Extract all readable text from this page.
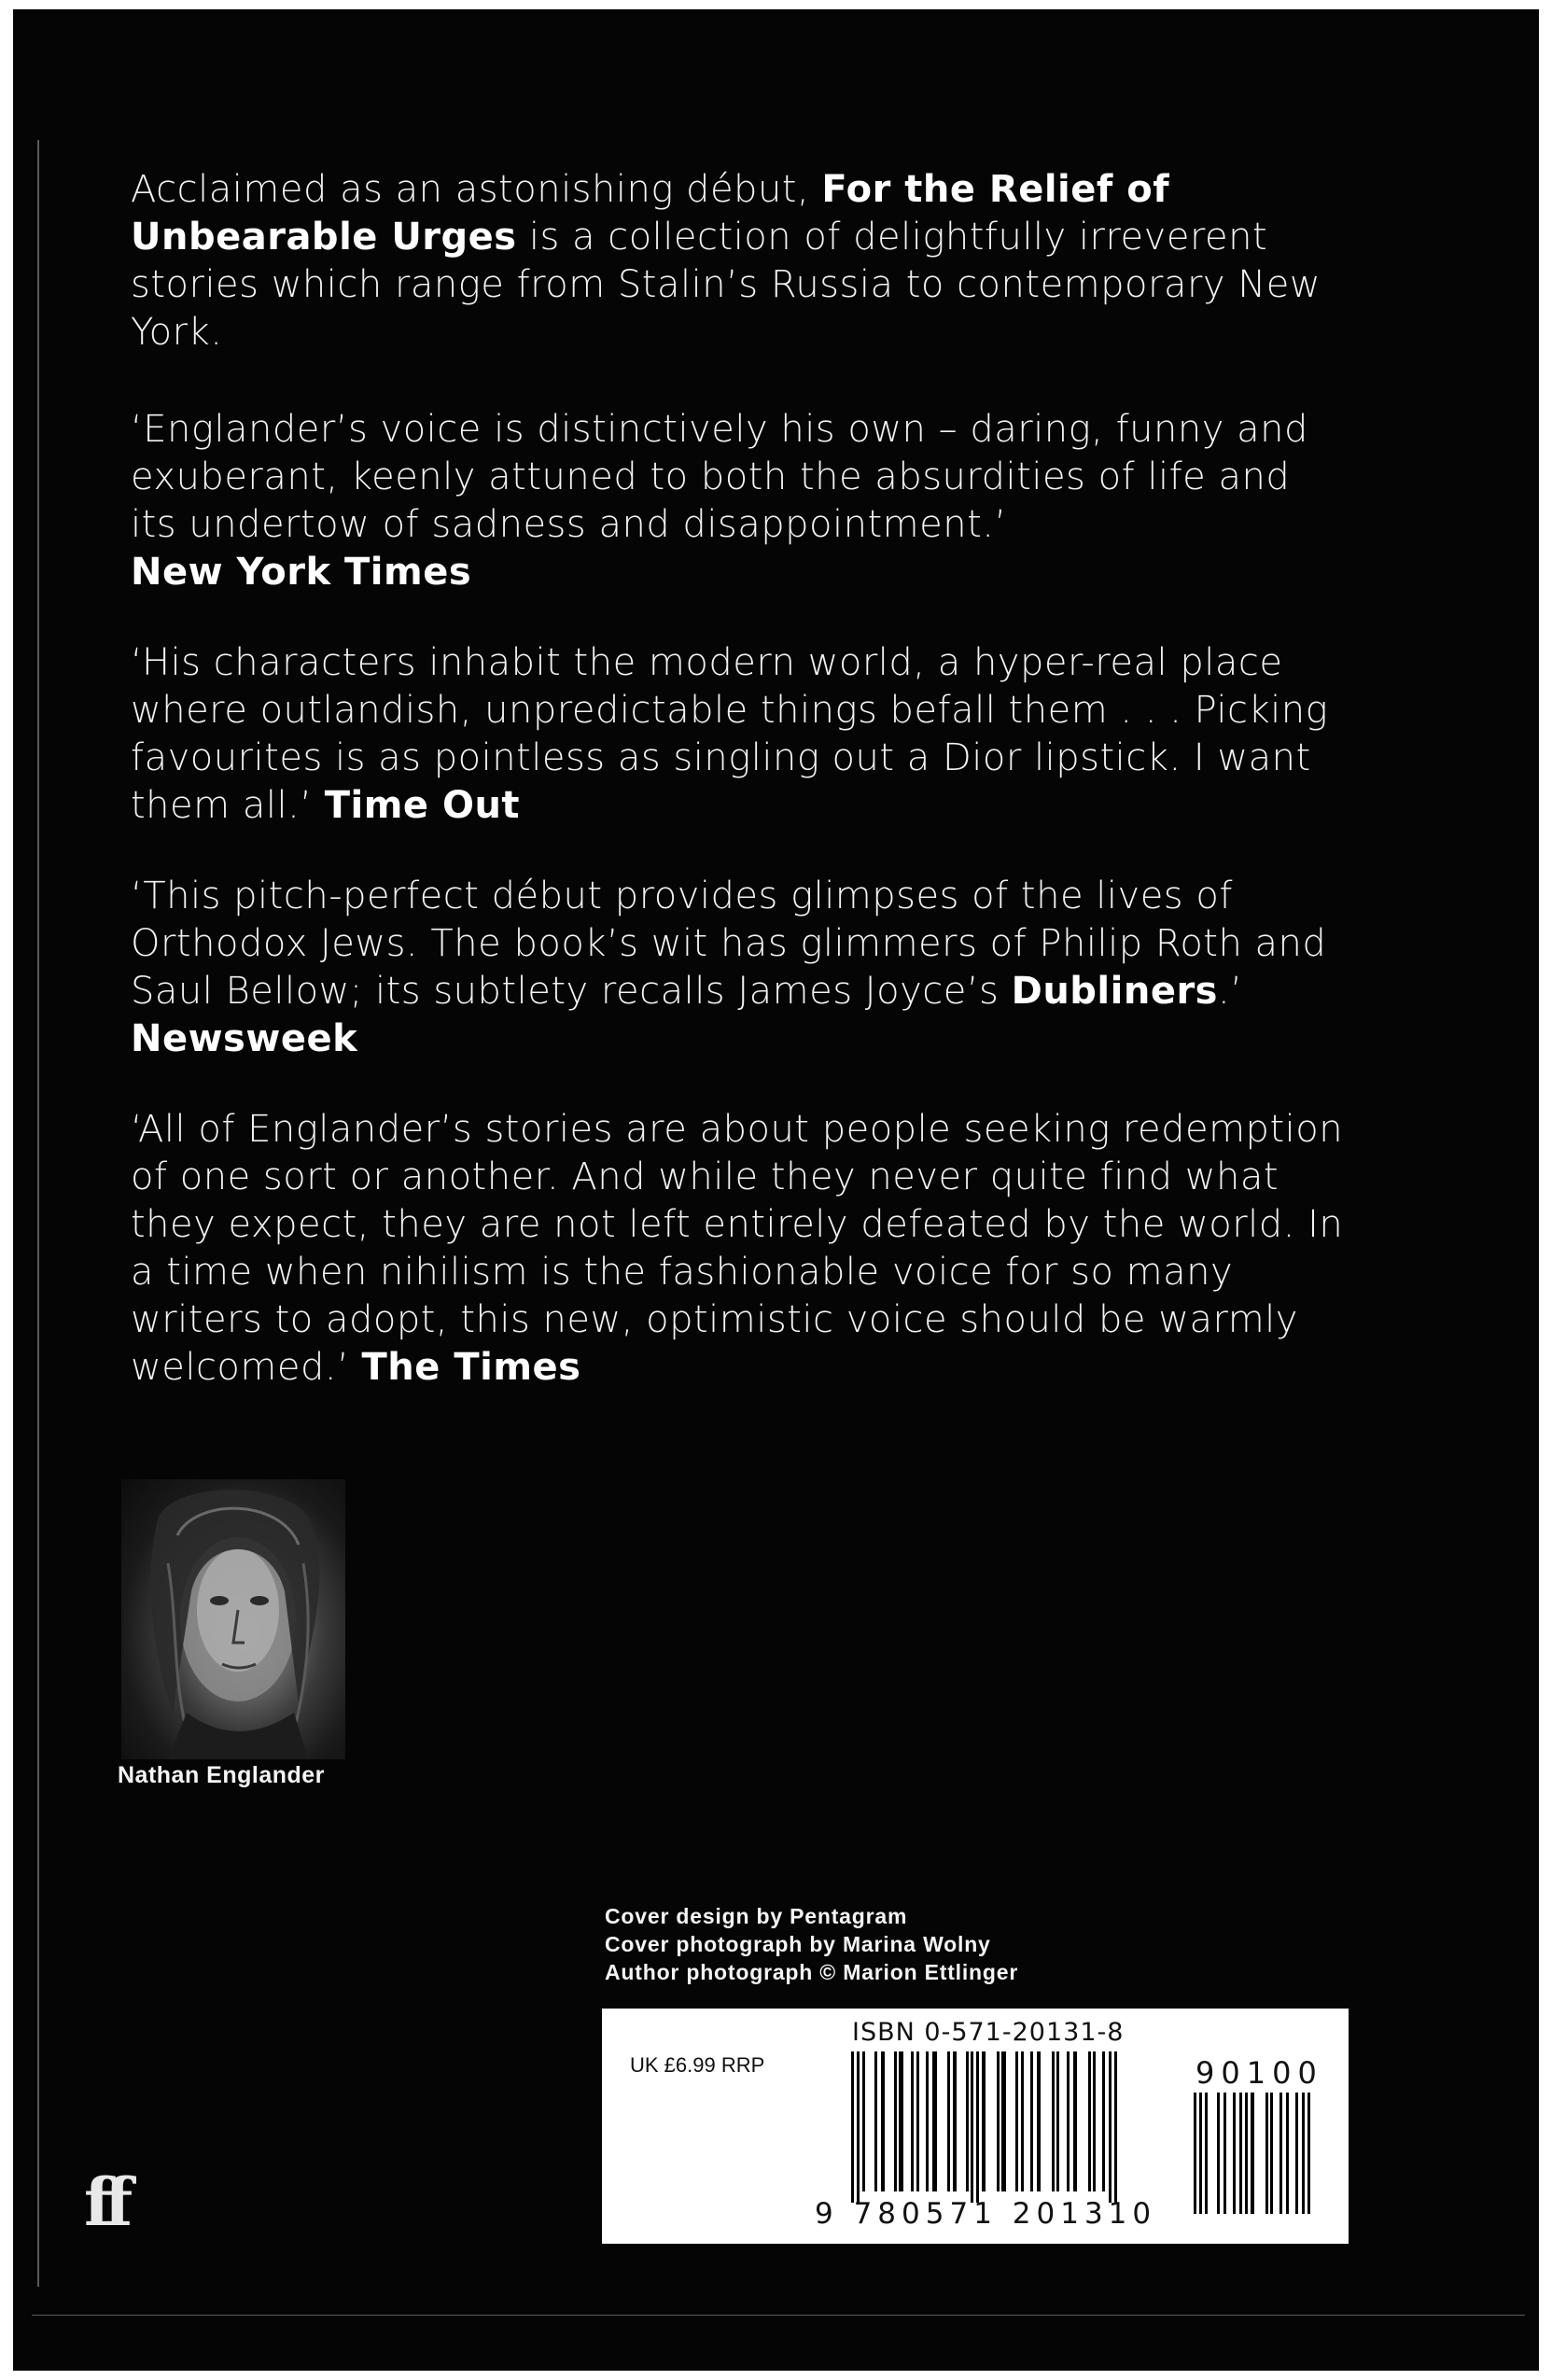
Acclaimed as an astonishing début, For the Relief of Unbearable Urges is a collection of delightfully irreverent stories which range from Stalin’s Russia to contemporary New York.

‘Englander’s voice is distinctively his own – daring, funny and exuberant, keenly attuned to both the absurdities of life and its undertow of sadness and disappointment.’
New York Times

‘His characters inhabit the modern world, a hyper-real place where outlandish, unpredictable things befall them . . . Picking favourites is as pointless as singling out a Dior lipstick. I want them all.’ Time Out

‘This pitch-perfect début provides glimpses of the lives of Orthodox Jews. The book’s wit has glimmers of Philip Roth and Saul Bellow; its subtlety recalls James Joyce’s Dubliners.’ Newsweek

‘All of Englander’s stories are about people seeking redemption of one sort or another. And while they never quite find what they expect, they are not left entirely defeated by the world. In a time when nihilism is the fashionable voice for so many writers to adopt, this new, optimistic voice should be warmly welcomed.’ The Times

Nathan Englander
Cover design by Pentagram
Cover photograph by Marina Wolny
Author photograph © Marion Ettlinger
UK £6.99 RRP
ISBN 0-571-20131-8
9 780571 201310
90100
ff
